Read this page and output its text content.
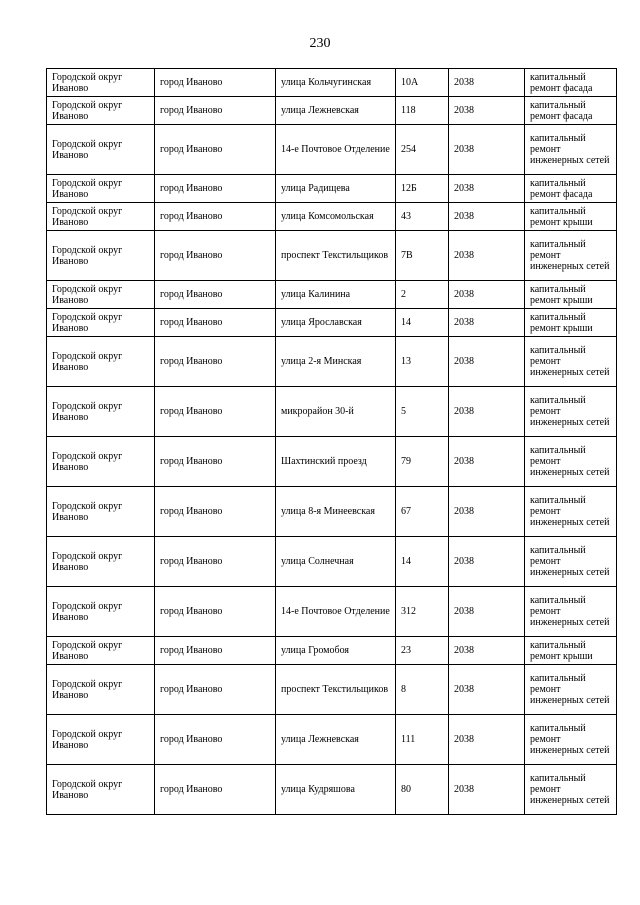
230
Городской округ Иваново	город Иваново	улица Кольчугинская	10А	2038	капитальный ремонт фасада
Городской округ Иваново	город Иваново	улица Лежневская	118	2038	капитальный ремонт фасада
Городской округ Иваново	город Иваново	14-е Почтовое Отделение	254	2038	капитальный ремонт инженерных сетей
Городской округ Иваново	город Иваново	улица Радищева	12Б	2038	капитальный ремонт фасада
Городской округ Иваново	город Иваново	улица Комсомольская	43	2038	капитальный ремонт крыши
Городской округ Иваново	город Иваново	проспект Текстильщиков	7В	2038	капитальный ремонт инженерных сетей
Городской округ Иваново	город Иваново	улица Калинина	2	2038	капитальный ремонт крыши
Городской округ Иваново	город Иваново	улица Ярославская	14	2038	капитальный ремонт крыши
Городской округ Иваново	город Иваново	улица 2-я Минская	13	2038	капитальный ремонт инженерных сетей
Городской округ Иваново	город Иваново	микрорайон 30-й	5	2038	капитальный ремонт инженерных сетей
Городской округ Иваново	город Иваново	Шахтинский проезд	79	2038	капитальный ремонт инженерных сетей
Городской округ Иваново	город Иваново	улица 8-я Минеевская	67	2038	капитальный ремонт инженерных сетей
Городской округ Иваново	город Иваново	улица Солнечная	14	2038	капитальный ремонт инженерных сетей
Городской округ Иваново	город Иваново	14-е Почтовое Отделение	312	2038	капитальный ремонт инженерных сетей
Городской округ Иваново	город Иваново	улица Громобоя	23	2038	капитальный ремонт крыши
Городской округ Иваново	город Иваново	проспект Текстильщиков	8	2038	капитальный ремонт инженерных сетей
Городской округ Иваново	город Иваново	улица Лежневская	111	2038	капитальный ремонт инженерных сетей
Городской округ Иваново	город Иваново	улица Кудряшова	80	2038	капитальный ремонт инженерных сетей
